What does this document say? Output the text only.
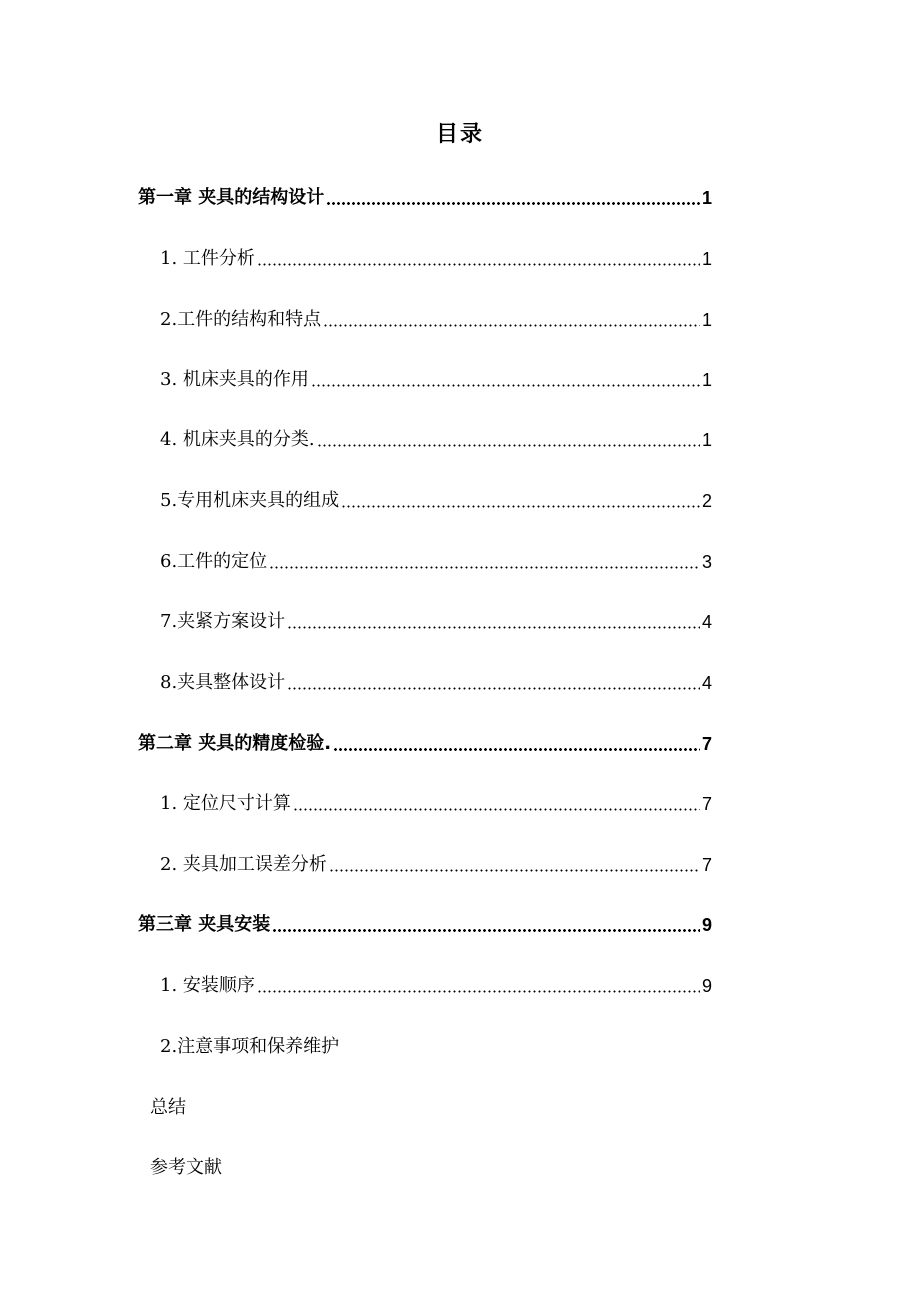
目录
第一章 夹具的结构设计	1
1. 工件分析	1
2.工件的结构和特点	1
3. 机床夹具的作用	1
4. 机床夹具的分类.	1
5.专用机床夹具的组成	2
6.工件的定位	3
7.夹紧方案设计	4
8.夹具整体设计	4
第二章 夹具的精度检验.	7
1. 定位尺寸计算	7
2. 夹具加工误差分析	7
第三章 夹具安装	9
1. 安装顺序	9
2.注意事项和保养维护
总结
参考文献
